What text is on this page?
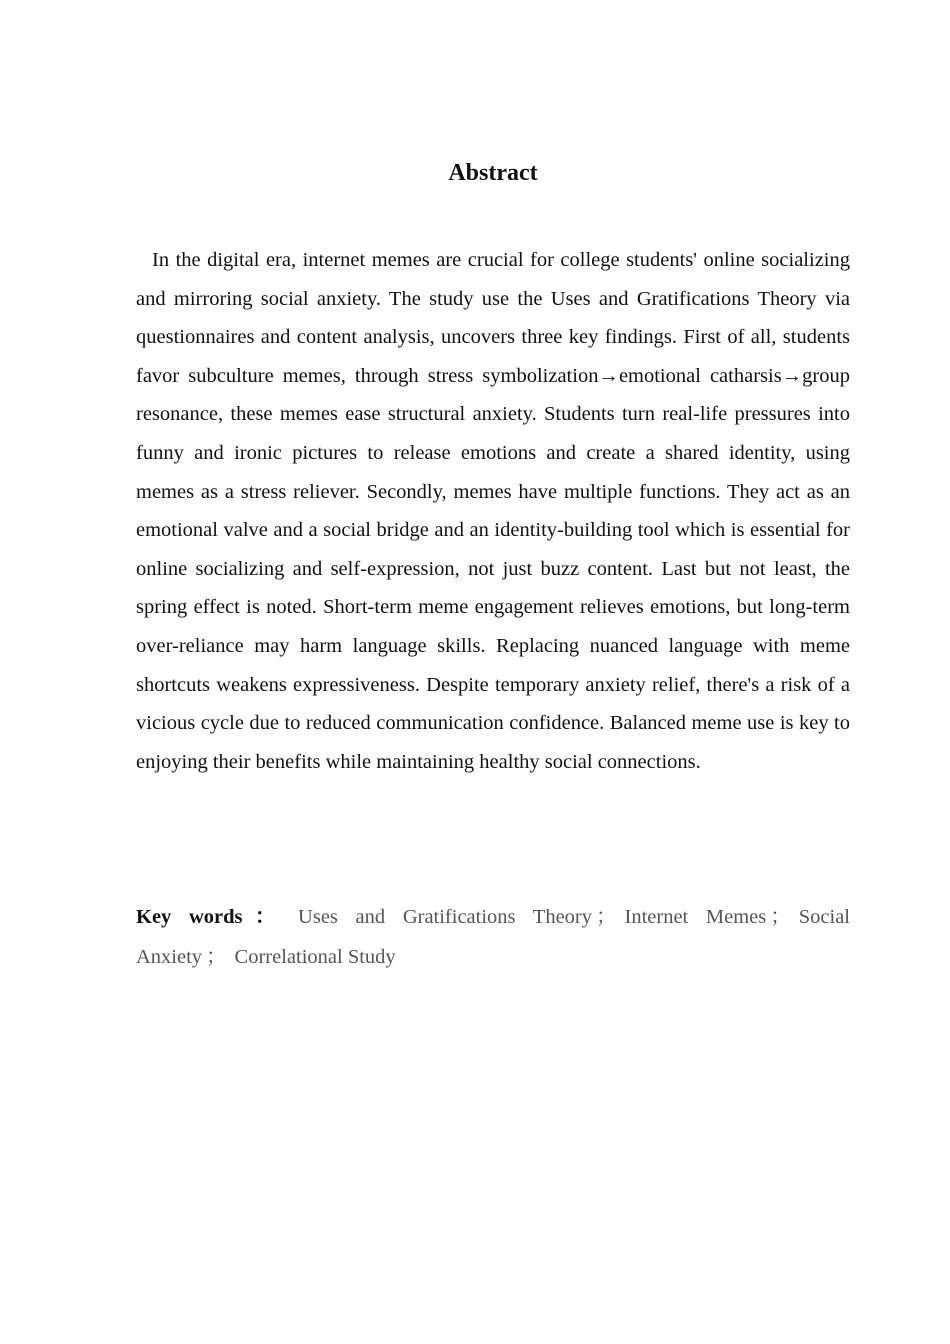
Abstract

In the digital era, internet memes are crucial for college students' online socializing and mirroring social anxiety. The study use the Uses and Gratifications Theory via questionnaires and content analysis, uncovers three key findings. First of all, students favor subculture memes, through stress symbolization→emotional catharsis→group resonance, these memes ease structural anxiety. Students turn real-life pressures into funny and ironic pictures to release emotions and create a shared identity, using memes as a stress reliever. Secondly, memes have multiple functions. They act as an emotional valve and a social bridge and an identity-building tool which is essential for online socializing and self-expression, not just buzz content. Last but not least, the spring effect is noted. Short-term meme engagement relieves emotions, but long-term over-reliance may harm language skills. Replacing nuanced language with meme shortcuts weakens expressiveness. Despite temporary anxiety relief, there's a risk of a vicious cycle due to reduced communication confidence. Balanced meme use is key to enjoying their benefits while maintaining healthy social connections.

Key words： Uses and Gratifications Theory ； Internet Memes ； Social Anxiety ； Correlational Study
